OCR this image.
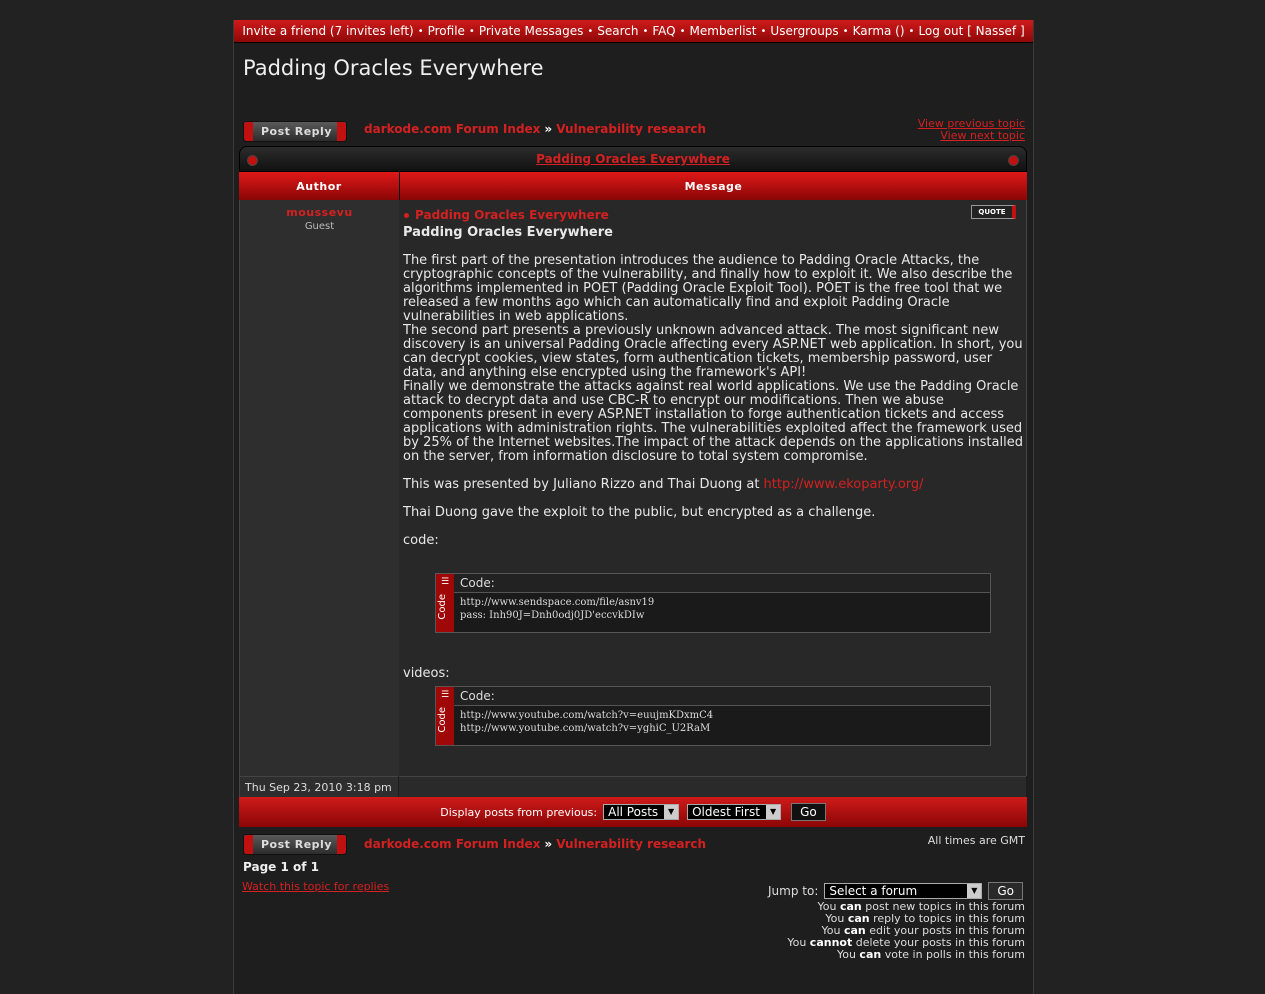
Invite a friend (7 invites left) • Profile • Private Messages • Search • FAQ • Memberlist • Usergroups • Karma () • Log out [ Nassef ]
Padding Oracles Everywhere
Post Reply	darkode.com Forum Index » Vulnerability research	View previous topic
View next topic
Padding Oracles Everywhere
Author	Message
moussevu
Guest
Padding Oracles Everywhere	QUOTE

Padding Oracles Everywhere

The first part of the presentation introduces the audience to Padding Oracle Attacks, the cryptographic concepts of the vulnerability, and finally how to exploit it. We also describe the algorithms implemented in POET (Padding Oracle Exploit Tool). POET is the free tool that we released a few months ago which can automatically find and exploit Padding Oracle vulnerabilities in web applications.

The second part presents a previously unknown advanced attack. The most significant new discovery is an universal Padding Oracle affecting every ASP.NET web application. In short, you can decrypt cookies, view states, form authentication tickets, membership password, user data, and anything else encrypted using the framework's API!

Finally we demonstrate the attacks against real world applications. We use the Padding Oracle attack to decrypt data and use CBC-R to encrypt our modifications. Then we abuse components present in every ASP.NET installation to forge authentication tickets and access applications with administration rights. The vulnerabilities exploited affect the framework used by 25% of the Internet websites.The impact of the attack depends on the applications installed on the server, from information disclosure to total system compromise.

This was presented by Juliano Rizzo and Thai Duong at http://www.ekoparty.org/

Thai Duong gave the exploit to the public, but encrypted as a challenge.

code:

☰
Code
Code:
http://www.sendspace.com/file/asnv19
pass: Inh90J=Dnh0odj0JD'eccvkDIw
videos:
☰
Code
Code:
http://www.youtube.com/watch?v=euujmKDxmC4
http://www.youtube.com/watch?v=yghiC_U2RaM
Thu Sep 23, 2010 3:18 pm
Display posts from previous: All Posts	▼	Oldest First	▼	Go
Post Reply	darkode.com Forum Index » Vulnerability research	All times are GMT
Page 1 of 1
Watch this topic for replies	Jump to: Select a forum	▼	Go
You can post new topics in this forum
You can reply to topics in this forum
You can edit your posts in this forum
You cannot delete your posts in this forum
You can vote in polls in this forum
